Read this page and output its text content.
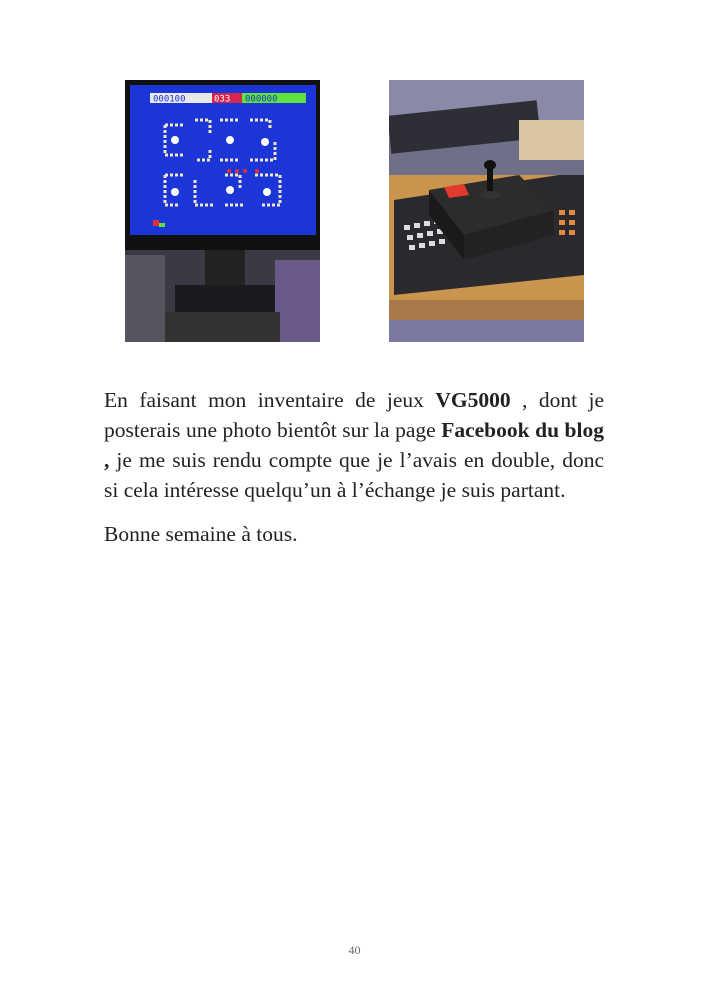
000100	033 000000

En faisant mon inventaire de jeux VG5000 , dont je posterais une photo bientôt sur la page Facebook du blog , je me suis rendu compte que je l’avais en double, donc si cela intéresse quelqu’un à l’échange je suis partant.

Bonne semaine à tous.

40
